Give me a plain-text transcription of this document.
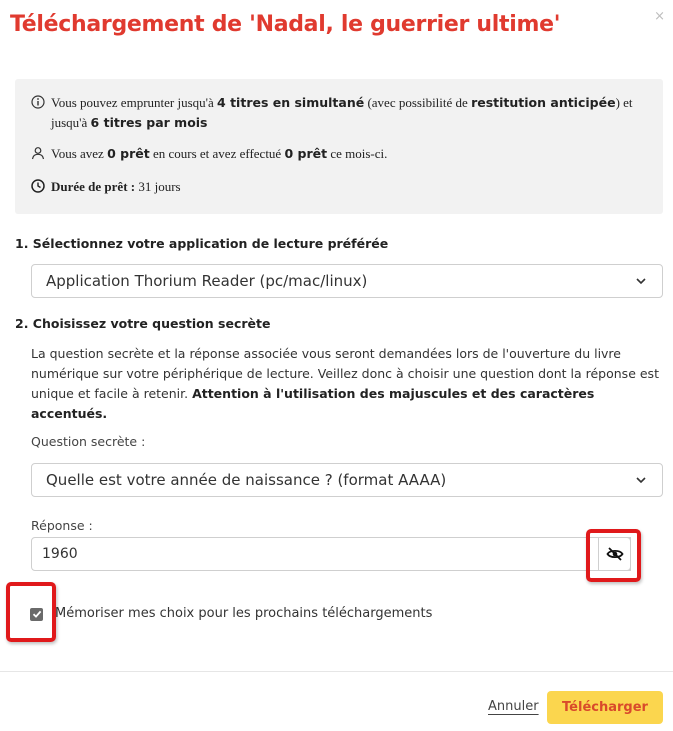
Téléchargement de 'Nadal, le guerrier ultime'	×
Vous pouvez emprunter jusqu'à 4 titres en simultané (avec possibilité de restitution anticipée) et jusqu'à 6 titres par mois
Vous avez 0 prêt en cours et avez effectué 0 prêt ce mois-ci.
Durée de prêt : 31 jours
1. Sélectionnez votre application de lecture préférée
Application Thorium Reader (pc/mac/linux)
2. Choisissez votre question secrète
La question secrète et la réponse associée vous seront demandées lors de l'ouverture du livre numérique sur votre périphérique de lecture. Veillez donc à choisir une question dont la réponse est unique et facile à retenir. Attention à l'utilisation des majuscules et des caractères accentués.
Question secrète :
Quelle est votre année de naissance ? (format AAAA)
Réponse :
1960
Mémoriser mes choix pour les prochains téléchargements
Annuler	Télécharger
